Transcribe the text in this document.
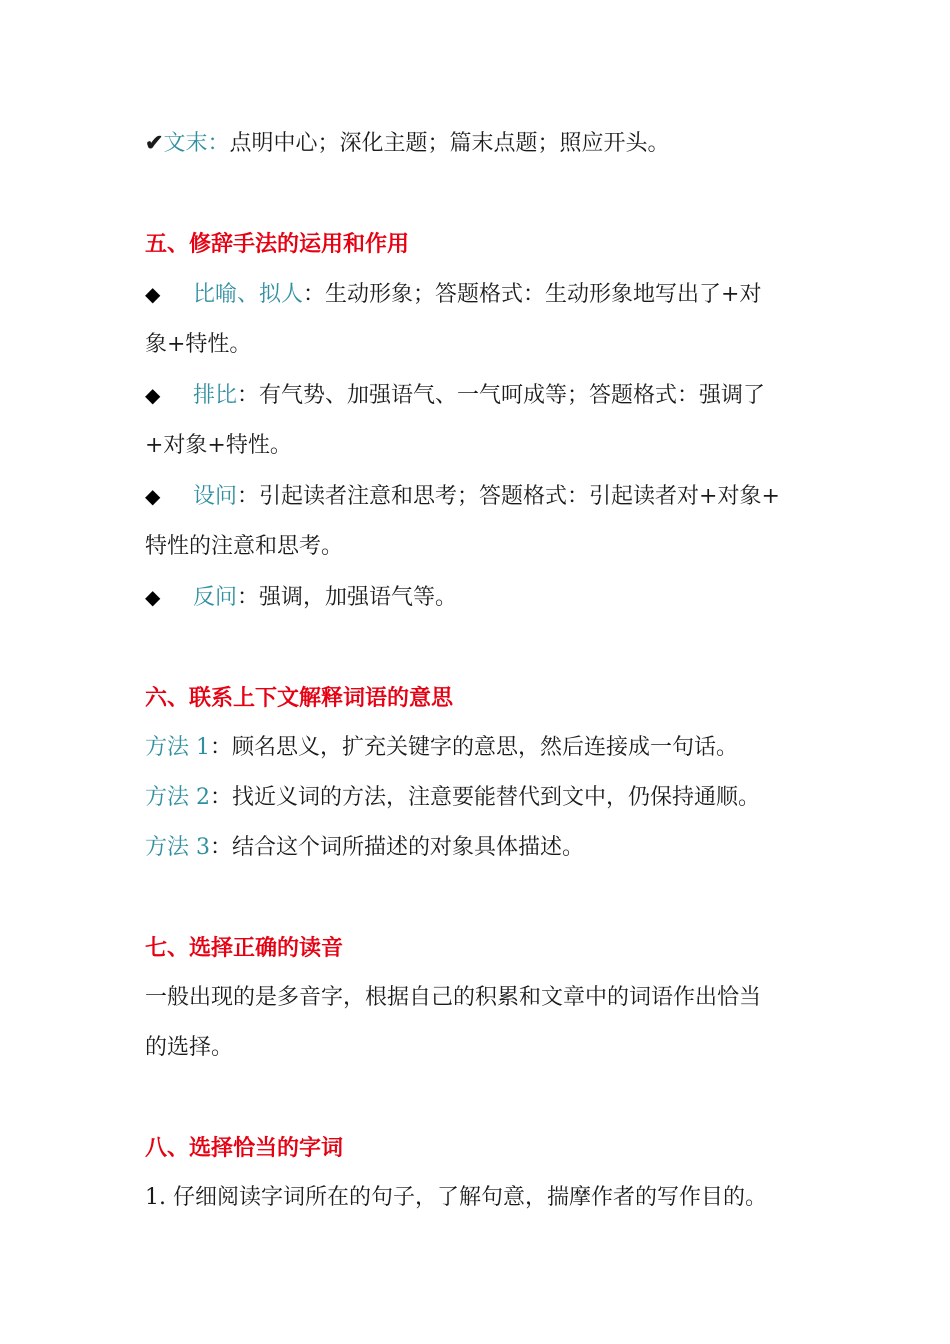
✔文末：点明中心；深化主题；篇末点题；照应开头。
五、修辞手法的运用和作用
◆ 比喻、拟人：生动形象；答题格式：生动形象地写出了+对
象+特性。
◆ 排比：有气势、加强语气、一气呵成等；答题格式：强调了
+对象+特性。
◆ 设问：引起读者注意和思考；答题格式：引起读者对+对象+
特性的注意和思考。
◆ 反问：强调，加强语气等。
六、联系上下文解释词语的意思
方法 1：顾名思义，扩充关键字的意思，然后连接成一句话。
方法 2：找近义词的方法，注意要能替代到文中，仍保持通顺。
方法 3：结合这个词所描述的对象具体描述。
七、选择正确的读音
一般出现的是多音字，根据自己的积累和文章中的词语作出恰当
的选择。
八、选择恰当的字词
1. 仔细阅读字词所在的句子，了解句意，揣摩作者的写作目的。
